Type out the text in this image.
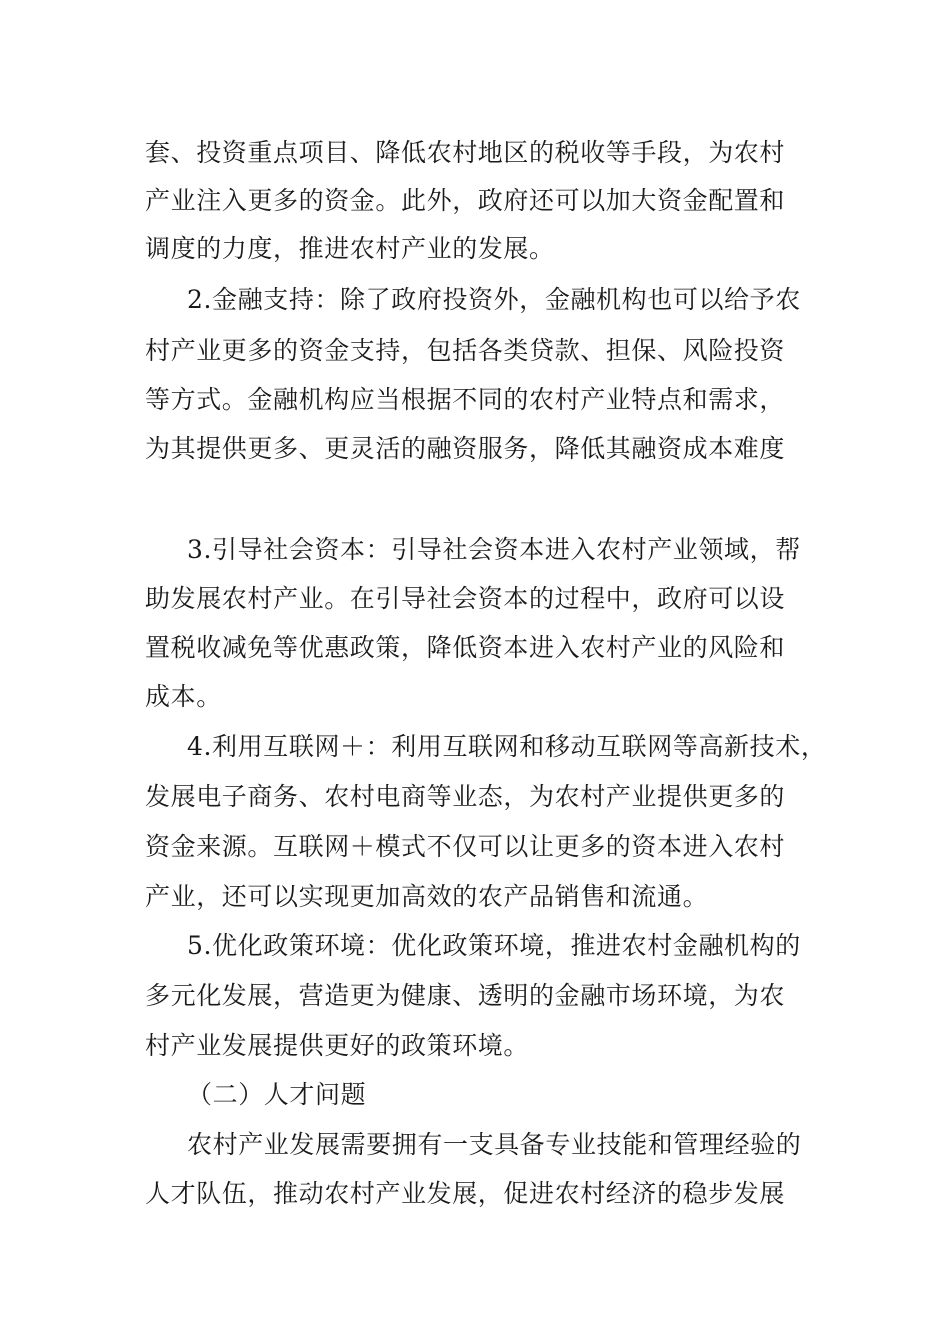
套、投资重点项目、降低农村地区的税收等手段，为农村
产业注入更多的资金。此外，政府还可以加大资金配置和
调度的力度，推进农村产业的发展。
2.金融支持：除了政府投资外，金融机构也可以给予农
村产业更多的资金支持，包括各类贷款、担保、风险投资
等方式。金融机构应当根据不同的农村产业特点和需求，
为其提供更多、更灵活的融资服务，降低其融资成本难度
3.引导社会资本：引导社会资本进入农村产业领域，帮
助发展农村产业。在引导社会资本的过程中，政府可以设
置税收减免等优惠政策，降低资本进入农村产业的风险和
成本。
4.利用互联网＋：利用互联网和移动互联网等高新技术，
发展电子商务、农村电商等业态，为农村产业提供更多的
资金来源。互联网＋模式不仅可以让更多的资本进入农村
产业，还可以实现更加高效的农产品销售和流通。
5.优化政策环境：优化政策环境，推进农村金融机构的
多元化发展，营造更为健康、透明的金融市场环境，为农
村产业发展提供更好的政策环境。
（二）人才问题
农村产业发展需要拥有一支具备专业技能和管理经验的
人才队伍，推动农村产业发展，促进农村经济的稳步发展
